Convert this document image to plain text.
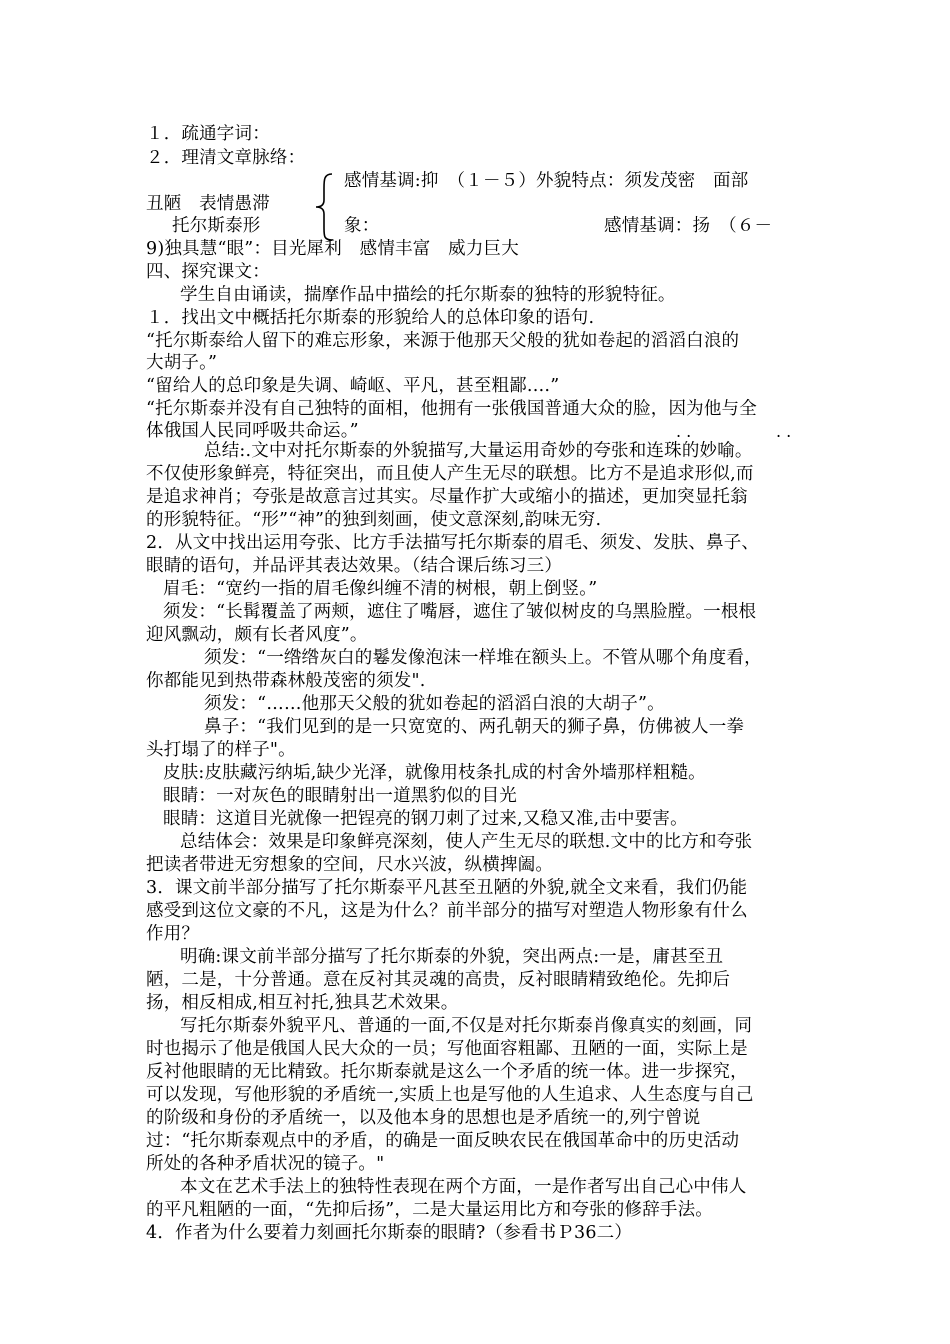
１．疏通字词：
２．理清文章脉络：
感情基调:抑　（１－５）外貌特点：须发茂密　面部
丑陋　表情愚滞
托尔斯泰形	象：	感情基调：扬　（６－
9)独具慧“眼”：目光犀利　感情丰富　威力巨大
四、探究课文：
学生自由诵读，揣摩作品中描绘的托尔斯泰的独特的形貌特征。
１．找出文中概括托尔斯泰的形貌给人的总体印象的语句.
“托尔斯泰给人留下的难忘形象，来源于他那天父般的犹如卷起的滔滔白浪的
大胡子。”
“留给人的总印象是失调、崎岖、平凡，甚至粗鄙.…”
“托尔斯泰并没有自己独特的面相，他拥有一张俄国普通大众的脸，因为他与全
体俄国人民同呼吸共命运。”	. .	. .
总结:.文中对托尔斯泰的外貌描写,大量运用奇妙的夸张和连珠的妙喻。
不仅使形象鲜亮，特征突出，而且使人产生无尽的联想。比方不是追求形似,而
是追求神肖；夸张是故意言过其实。尽量作扩大或缩小的描述，更加突显托翁
的形貌特征。“形”“神”的独到刻画，使文意深刻,韵味无穷.
2．从文中找出运用夸张、比方手法描写托尔斯泰的眉毛、须发、发肤、鼻子、
眼睛的语句，并品评其表达效果。（结合课后练习三）
眉毛：“宽约一指的眉毛像纠缠不清的树根，朝上倒竖。”
须发：“长髯覆盖了两颊，遮住了嘴唇，遮住了皱似树皮的乌黑脸膛。一根根
迎风飘动，颇有长者风度”。
须发：“一绺绺灰白的鬈发像泡沫一样堆在额头上。不管从哪个角度看，
你都能见到热带森林般茂密的须发".
须发：“……他那天父般的犹如卷起的滔滔白浪的大胡子”。
鼻子：“我们见到的是一只宽宽的、两孔朝天的狮子鼻，仿佛被人一拳
头打塌了的样子"。
皮肤:皮肤藏污纳垢,缺少光泽，就像用枝条扎成的村舍外墙那样粗糙。
眼睛：一对灰色的眼睛射出一道黑豹似的目光
眼睛：这道目光就像一把锃亮的钢刀刺了过来,又稳又准,击中要害。
总结体会：效果是印象鲜亮深刻，使人产生无尽的联想.文中的比方和夸张
把读者带进无穷想象的空间，尺水兴波，纵横捭阖。
3．课文前半部分描写了托尔斯泰平凡甚至丑陋的外貌,就全文来看，我们仍能
感受到这位文豪的不凡，这是为什么？前半部分的描写对塑造人物形象有什么
作用？
明确:课文前半部分描写了托尔斯泰的外貌，突出两点:一是，庸甚至丑
陋，二是，十分普通。意在反衬其灵魂的高贵，反衬眼睛精致绝伦。先抑后
扬，相反相成,相互衬托,独具艺术效果。
写托尔斯泰外貌平凡、普通的一面,不仅是对托尔斯泰肖像真实的刻画，同
时也揭示了他是俄国人民大众的一员；写他面容粗鄙、丑陋的一面，实际上是
反衬他眼睛的无比精致。托尔斯泰就是这么一个矛盾的统一体。进一步探究，
可以发现，写他形貌的矛盾统一,实质上也是写他的人生追求、人生态度与自己
的阶级和身份的矛盾统一，以及他本身的思想也是矛盾统一的,列宁曾说
过：“托尔斯泰观点中的矛盾，的确是一面反映农民在俄国革命中的历史活动
所处的各种矛盾状况的镜子。"
本文在艺术手法上的独特性表现在两个方面，一是作者写出自己心中伟人
的平凡粗陋的一面，“先抑后扬”，二是大量运用比方和夸张的修辞手法。
4．作者为什么要着力刻画托尔斯泰的眼睛?（参看书Ｐ36二）
